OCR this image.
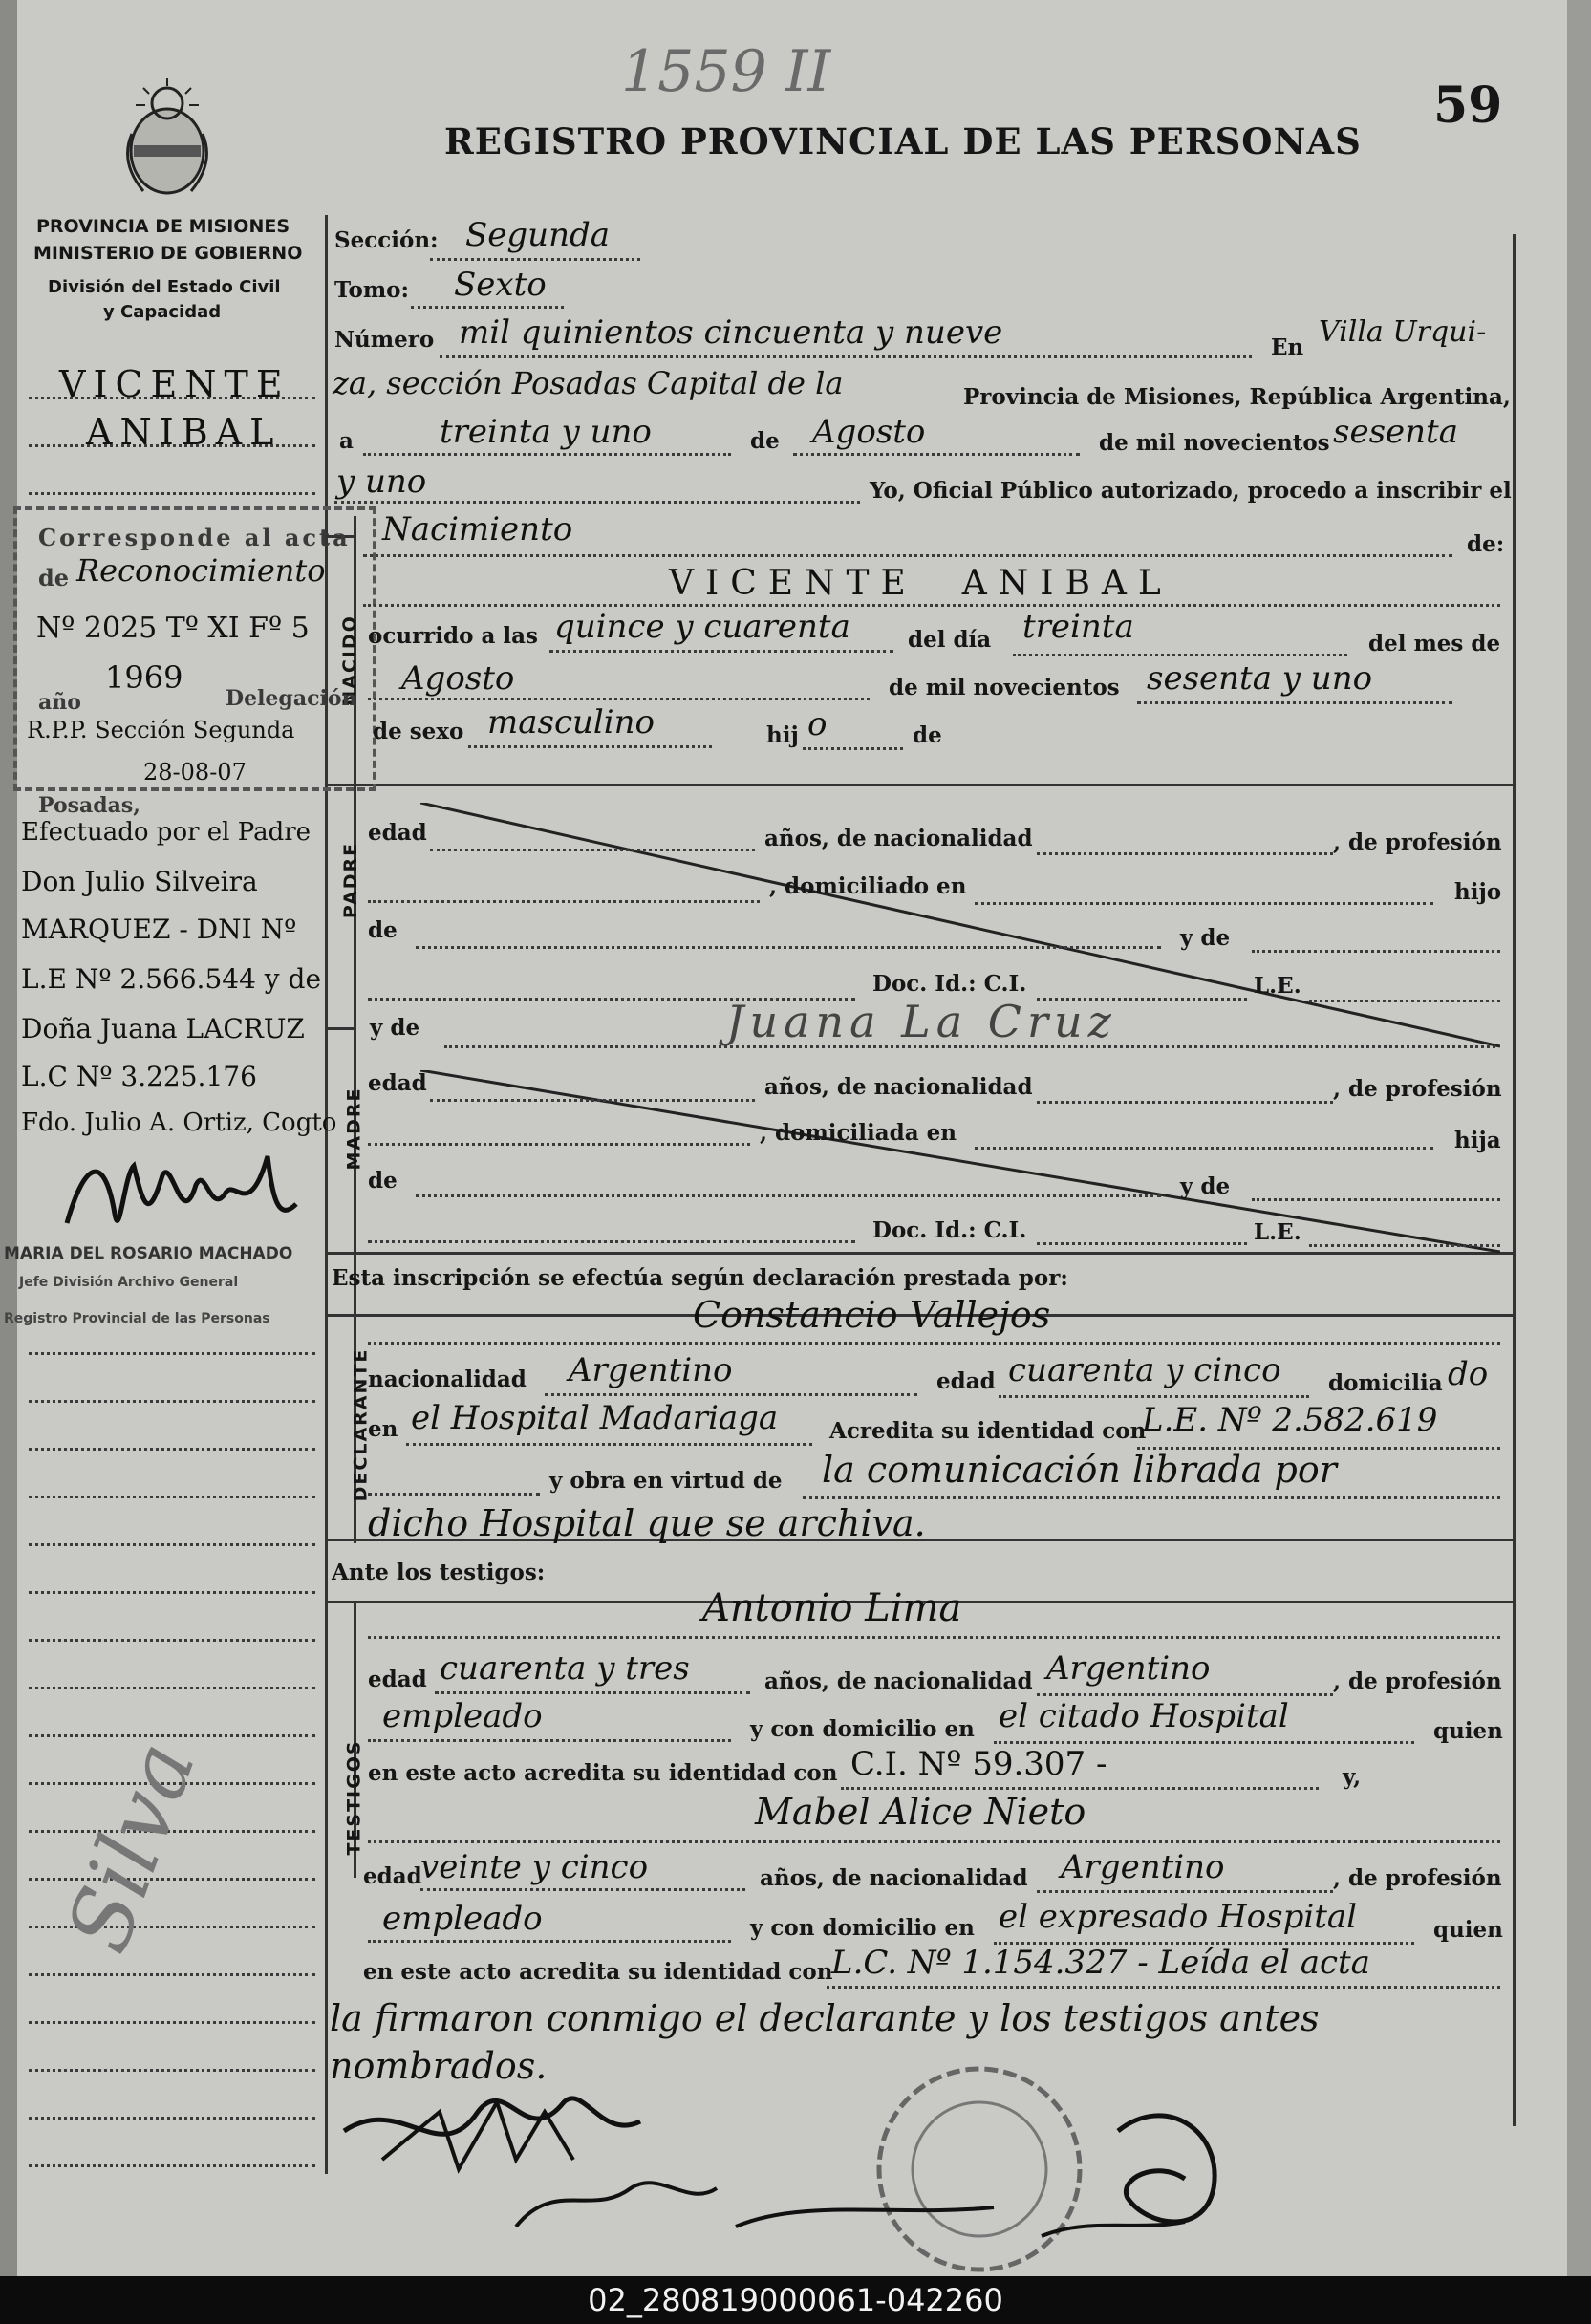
1559 II
59
REGISTRO PROVINCIAL DE LAS PERSONAS
PROVINCIA DE MISIONES
MINISTERIO DE GOBIERNO
División del Estado Civil
y Capacidad
NACIDO
PADRE
MADRE
DECLARANTE
TESTIGOS
VICENTE
ANIBAL
Corresponde al acta
de Reconocimiento
Nº 2025 Tº XI Fº 5
año
1969
Delegación
R.P.P. Sección Segunda
28-08-07
Posadas,
Efectuado por el Padre
Don Julio Silveira
MARQUEZ - DNI Nº
L.E Nº 2.566.544 y de
Doña Juana LACRUZ
L.C Nº 3.225.176
Fdo. Julio A. Ortiz, Cogto
MARIA DEL ROSARIO MACHADO
Jefe División Archivo General
Registro Provincial de las Personas
Silva
Sección: Segunda
Tomo: Sexto
Número mil quinientos cincuenta y nueve	En Villa Urqui-
za, sección Posadas Capital de la	Provincia de Misiones, República Argentina,
a	treinta y uno	de Agosto	de mil novecientos sesenta
y uno	Yo, Oficial Público autorizado, procedo a inscribir el
Nacimiento	de:
VICENTE  ANIBAL
ocurrido a las quince y cuarenta	del día treinta	del mes de
Agosto	de mil novecientos sesenta y uno
de sexo masculino	hij o	de
edad	años, de nacionalidad	, de profesión
, domiciliado en	hijo
de	y de
Doc. Id.: C.I.	L.E.
y de	Juana La Cruz
edad	años, de nacionalidad	, de profesión
, domiciliada en	hija
de	y de
Doc. Id.: C.I.	L.E.
Esta inscripción se efectúa según declaración prestada por:
Constancio Vallejos
nacionalidad Argentino	edad cuarenta y cinco domicilia do
en el Hospital Madariaga Acredita su identidad con
L.E. Nº 2.582.619
y obra en virtud de la comunicación librada por
dicho Hospital que se archiva.
Ante los testigos:
Antonio Lima
edad cuarenta y tres	años, de nacionalidad Argentino	, de profesión
empleado	y con domicilio en el citado Hospital	quien
en este acto acredita su identidad con C.I. Nº 59.307 -	y,
Mabel Alice Nieto
edad
veinte y cinco	años, de nacionalidad Argentino	, de profesión
empleado	y con domicilio en el expresado Hospital	quien
en este acto acredita su identidad con
L.C. Nº 1.154.327 - Leída el acta
la firmaron conmigo el declarante y los testigos antes
nombrados.
02_280819000061-042260
